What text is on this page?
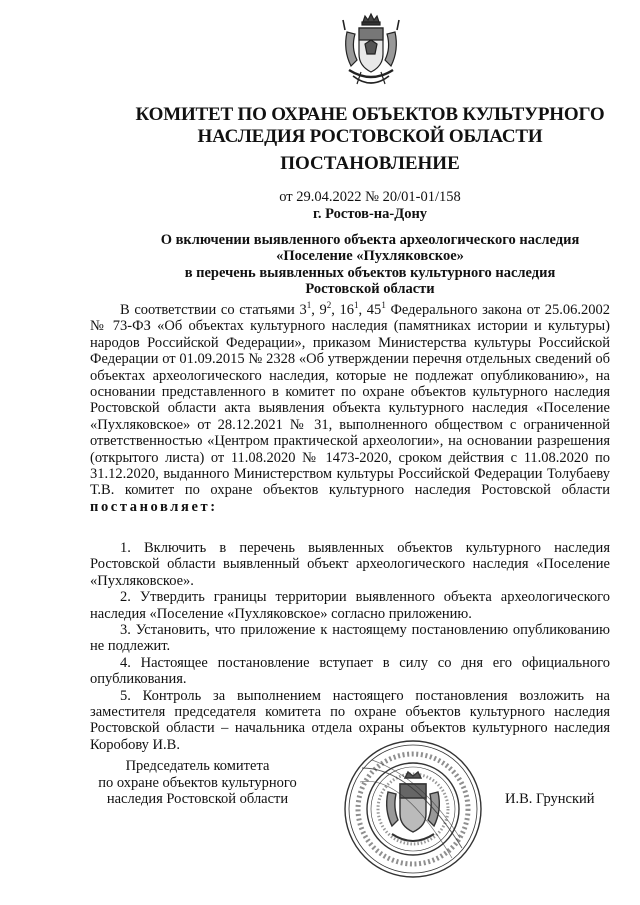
КОМИТЕТ ПО ОХРАНЕ ОБЪЕКТОВ КУЛЬТУРНОГО
НАСЛЕДИЯ РОСТОВСКОЙ ОБЛАСТИ
ПОСТАНОВЛЕНИЕ
от 29.04.2022 № 20/01-01/158
г. Ростов-на-Дону
О включении выявленного объекта археологического наследия
«Поселение «Пухляковское»
в перечень выявленных объектов культурного наследия
Ростовской области

В соответствии со статьями $3^1$, $9^2$, $16^1$, $45^1$ Федерального закона от 25.06.2002 № 73-ФЗ «Об объектах культурного наследия (памятниках истории и культуры) народов Российской Федерации», приказом Министерства культуры Российской Федерации от 01.09.2015 № 2328 «Об утверждении перечня отдельных сведений об объектах археологического наследия, которые не подлежат опубликованию», на основании представленного в комитет по охране объектов культурного наследия Ростовской области акта выявления объекта культурного наследия «Поселение «Пухляковское» от 28.12.2021 № 31, выполненного обществом с ограниченной ответственностью «Центром практической археологии», на основании разрешения (открытого листа) от 11.08.2020 № 1473-2020, сроком действия с 11.08.2020 по 31.12.2020, выданного Министерством культуры Российской Федерации Толубаеву Т.В. комитет по охране объектов культурного наследия Ростовской области постановляет:

1. Включить в перечень выявленных объектов культурного наследия Ростовской области выявленный объект археологического наследия «Поселение «Пухляковское».

2. Утвердить границы территории выявленного объекта археологического наследия «Поселение «Пухляковское» согласно приложению.

3. Установить, что приложение к настоящему постановлению опубликованию не подлежит.

4. Настоящее постановление вступает в силу со дня его официального опубликования.

5. Контроль за выполнением настоящего постановления возложить на заместителя председателя комитета по охране объектов культурного наследия Ростовской области – начальника отдела охраны объектов культурного наследия Коробову И.В.

Председатель комитета
по охране объектов культурного
наследия Ростовской области	И.В. Грунский
